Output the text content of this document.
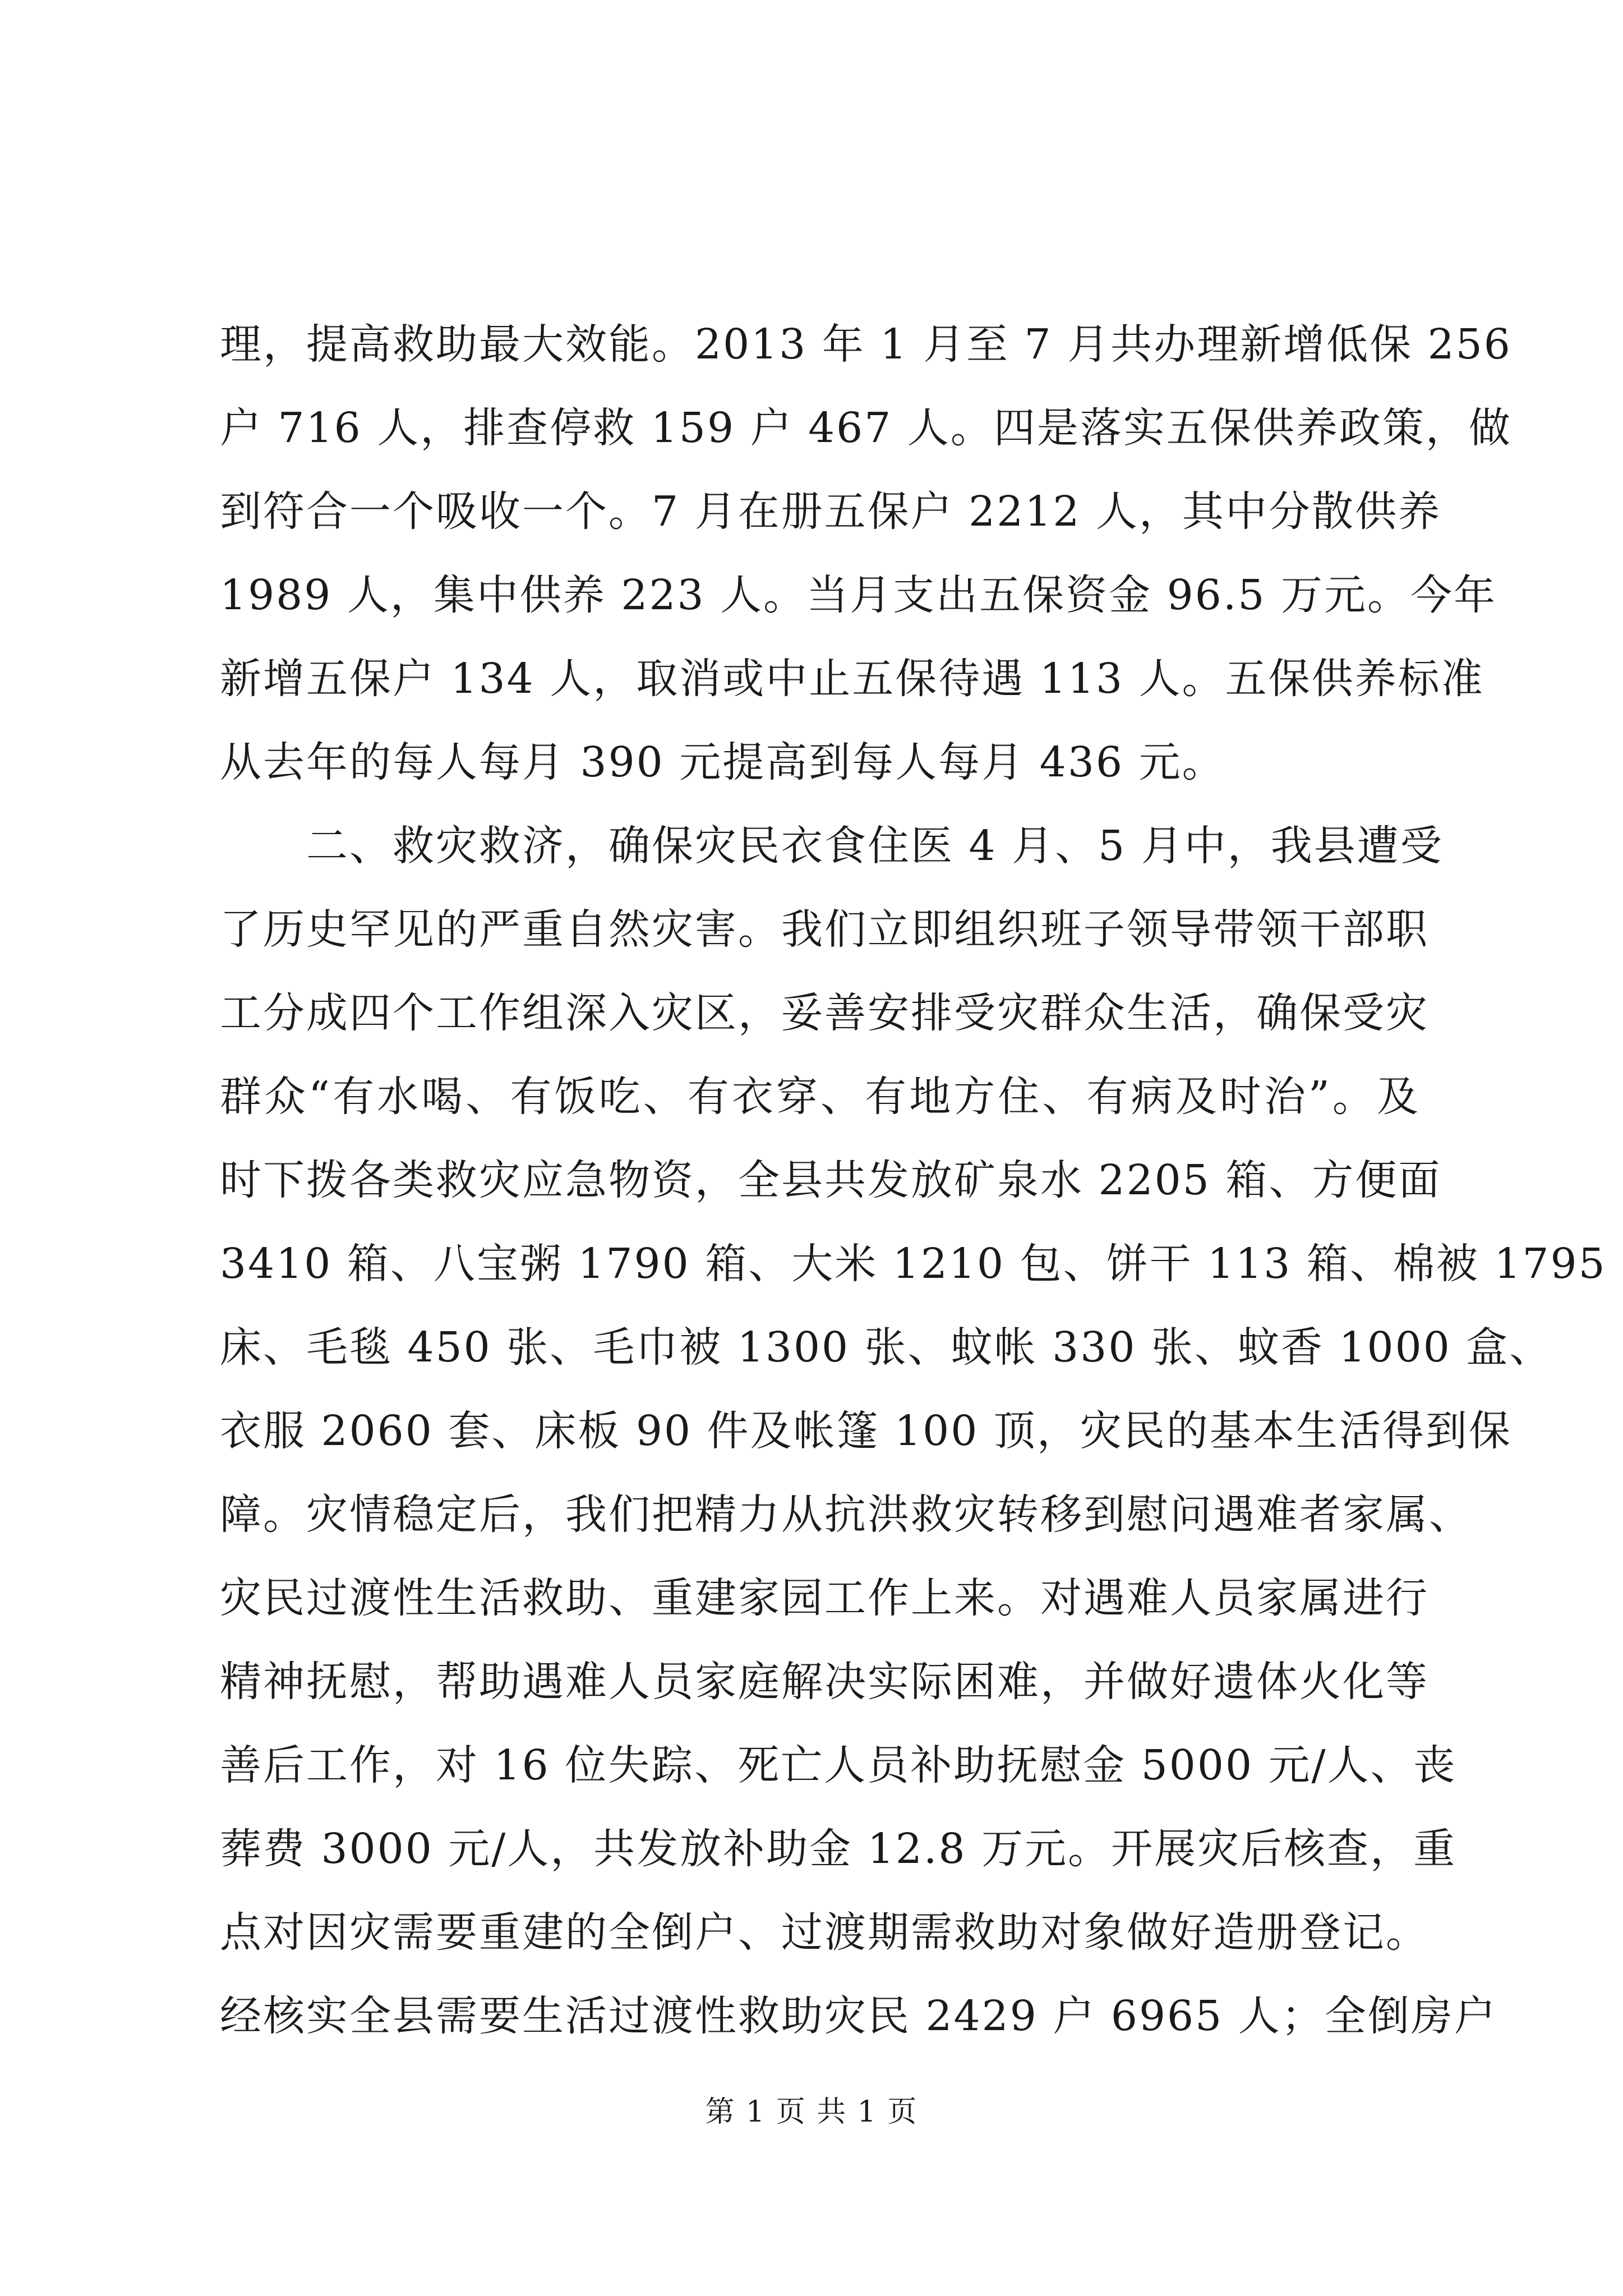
理，提高救助最大效能。2013 年 1 月至 7 月共办理新增低保 256
户 716 人，排查停救 159 户 467 人。四是落实五保供养政策，做
到符合一个吸收一个。7 月在册五保户 2212 人，其中分散供养
1989 人，集中供养 223 人。当月支出五保资金 96.5 万元。今年
新增五保户 134 人，取消或中止五保待遇 113 人。五保供养标准
从去年的每人每月 390 元提高到每人每月 436 元。
　　二、救灾救济，确保灾民衣食住医 4 月、5 月中，我县遭受
了历史罕见的严重自然灾害。我们立即组织班子领导带领干部职
工分成四个工作组深入灾区，妥善安排受灾群众生活，确保受灾
群众“有水喝、有饭吃、有衣穿、有地方住、有病及时治”。及
时下拨各类救灾应急物资，全县共发放矿泉水 2205 箱、方便面
3410 箱、八宝粥 1790 箱、大米 1210 包、饼干 113 箱、棉被 1795
床、毛毯 450 张、毛巾被 1300 张、蚊帐 330 张、蚊香 1000 盒、
衣服 2060 套、床板 90 件及帐篷 100 顶，灾民的基本生活得到保
障。灾情稳定后，我们把精力从抗洪救灾转移到慰问遇难者家属、
灾民过渡性生活救助、重建家园工作上来。对遇难人员家属进行
精神抚慰，帮助遇难人员家庭解决实际困难，并做好遗体火化等
善后工作，对 16 位失踪、死亡人员补助抚慰金 5000 元/人、丧
葬费 3000 元/人，共发放补助金 12.8 万元。开展灾后核查，重
点对因灾需要重建的全倒户、过渡期需救助对象做好造册登记。
经核实全县需要生活过渡性救助灾民 2429 户 6965 人；全倒房户
第 1 页 共 1 页
